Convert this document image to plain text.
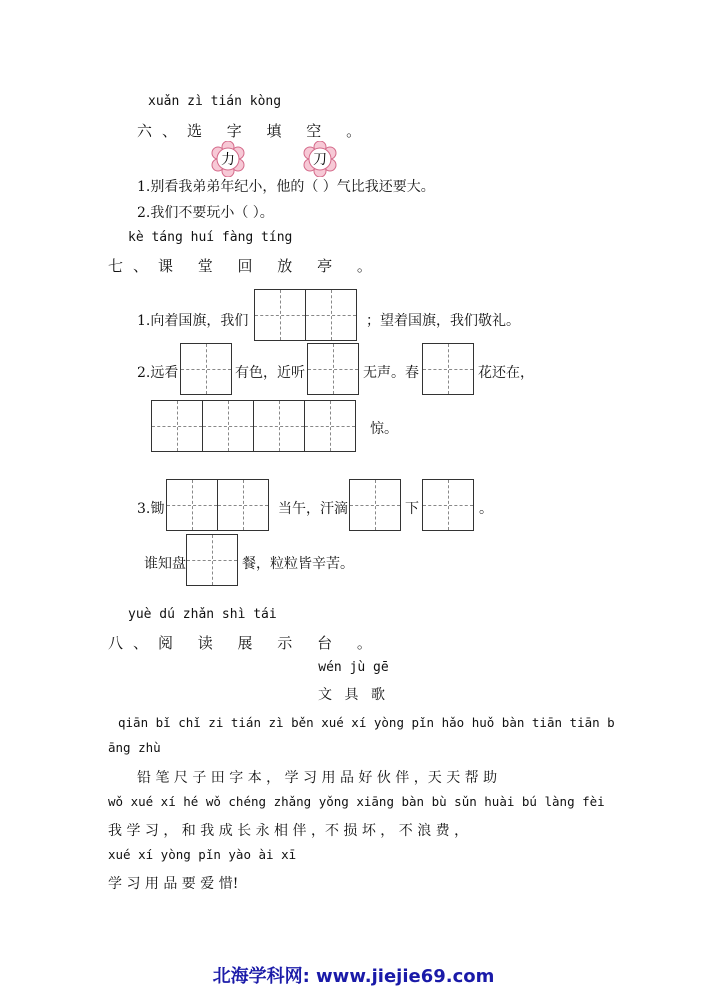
xuǎn zì tián kòng
六、选 字 填 空 。
力	刀
1.别看我弟弟年纪小，他的（ ）气比我还要大。
2.我们不要玩小（ ）。
kè táng huí fàng tíng
七、课 堂 回 放 亭 。
1.向着国旗，我们	；望着国旗，我们敬礼。
2.远看	有色，近听	无声。春	花还在，
惊。
3.锄	当午，汗滴	下	。
谁知盘	餐，粒粒皆辛苦。
yuè dú zhǎn shì tái
八、阅 读 展 示 台 。
wén jù gē
文 具 歌
qiān bǐ chǐ zi tián zì běn xué xí yòng pǐn hǎo huǒ bàn tiān tiān b
āng zhù
铅 笔 尺 子 田 字 本 ， 学 习 用 品 好 伙 伴 ，天 天 帮 助
wǒ xué xí hé wǒ chéng zhǎng yǒng xiāng bàn bù sǔn huài bú làng fèi
我 学 习 ， 和 我 成 长 永 相 伴 ，不 损 坏 ， 不 浪 费 ，
xué xí yòng pǐn yào ài xī
学 习 用 品 要 爱 惜!
北海学科网: www.jiejie69.com
